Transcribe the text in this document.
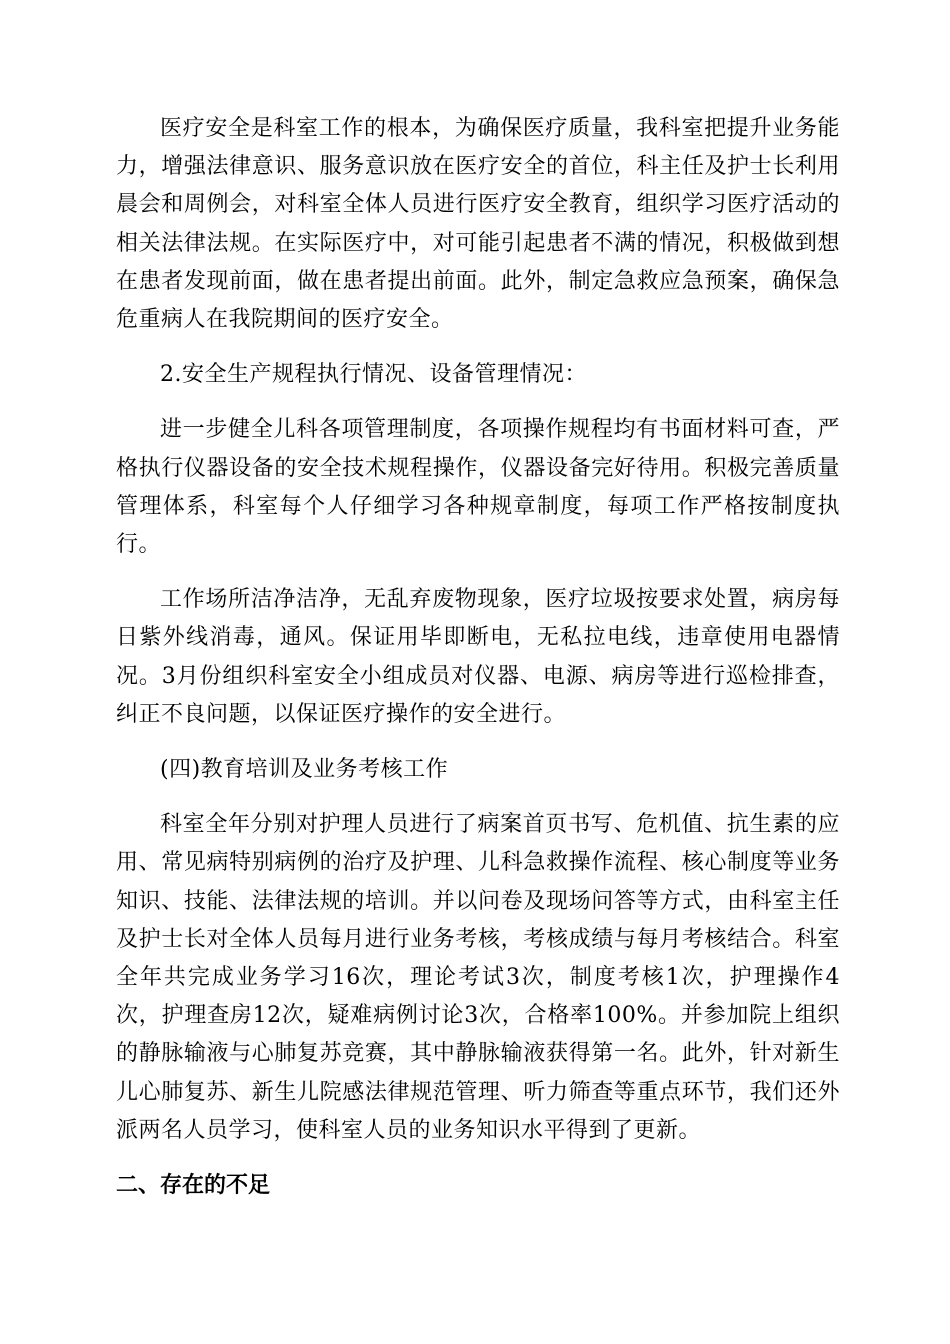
医疗安全是科室工作的根本，为确保医疗质量，我科室把提升业务能力，增强法律意识、服务意识放在医疗安全的首位，科主任及护士长利用晨会和周例会，对科室全体人员进行医疗安全教育，组织学习医疗活动的相关法律法规。在实际医疗中，对可能引起患者不满的情况，积极做到想在患者发现前面，做在患者提出前面。此外，制定急救应急预案，确保急危重病人在我院期间的医疗安全。

2.安全生产规程执行情况、设备管理情况：

进一步健全儿科各项管理制度，各项操作规程均有书面材料可查，严格执行仪器设备的安全技术规程操作，仪器设备完好待用。积极完善质量管理体系，科室每个人仔细学习各种规章制度，每项工作严格按制度执行。

工作场所洁净洁净，无乱弃废物现象，医疗垃圾按要求处置，病房每日紫外线消毒，通风。保证用毕即断电，无私拉电线，违章使用电器情况。3月份组织科室安全小组成员对仪器、电源、病房等进行巡检排查，纠正不良问题，以保证医疗操作的安全进行。

(四)教育培训及业务考核工作

科室全年分别对护理人员进行了病案首页书写、危机值、抗生素的应用、常见病特别病例的治疗及护理、儿科急救操作流程、核心制度等业务知识、技能、法律法规的培训。并以问卷及现场问答等方式，由科室主任及护士长对全体人员每月进行业务考核，考核成绩与每月考核结合。科室全年共完成业务学习16次，理论考试3次，制度考核1次，护理操作4次，护理查房12次，疑难病例讨论3次，合格率100%。并参加院上组织的静脉输液与心肺复苏竞赛，其中静脉输液获得第一名。此外，针对新生儿心肺复苏、新生儿院感法律规范管理、听力筛查等重点环节，我们还外派两名人员学习，使科室人员的业务知识水平得到了更新。

二、存在的不足
